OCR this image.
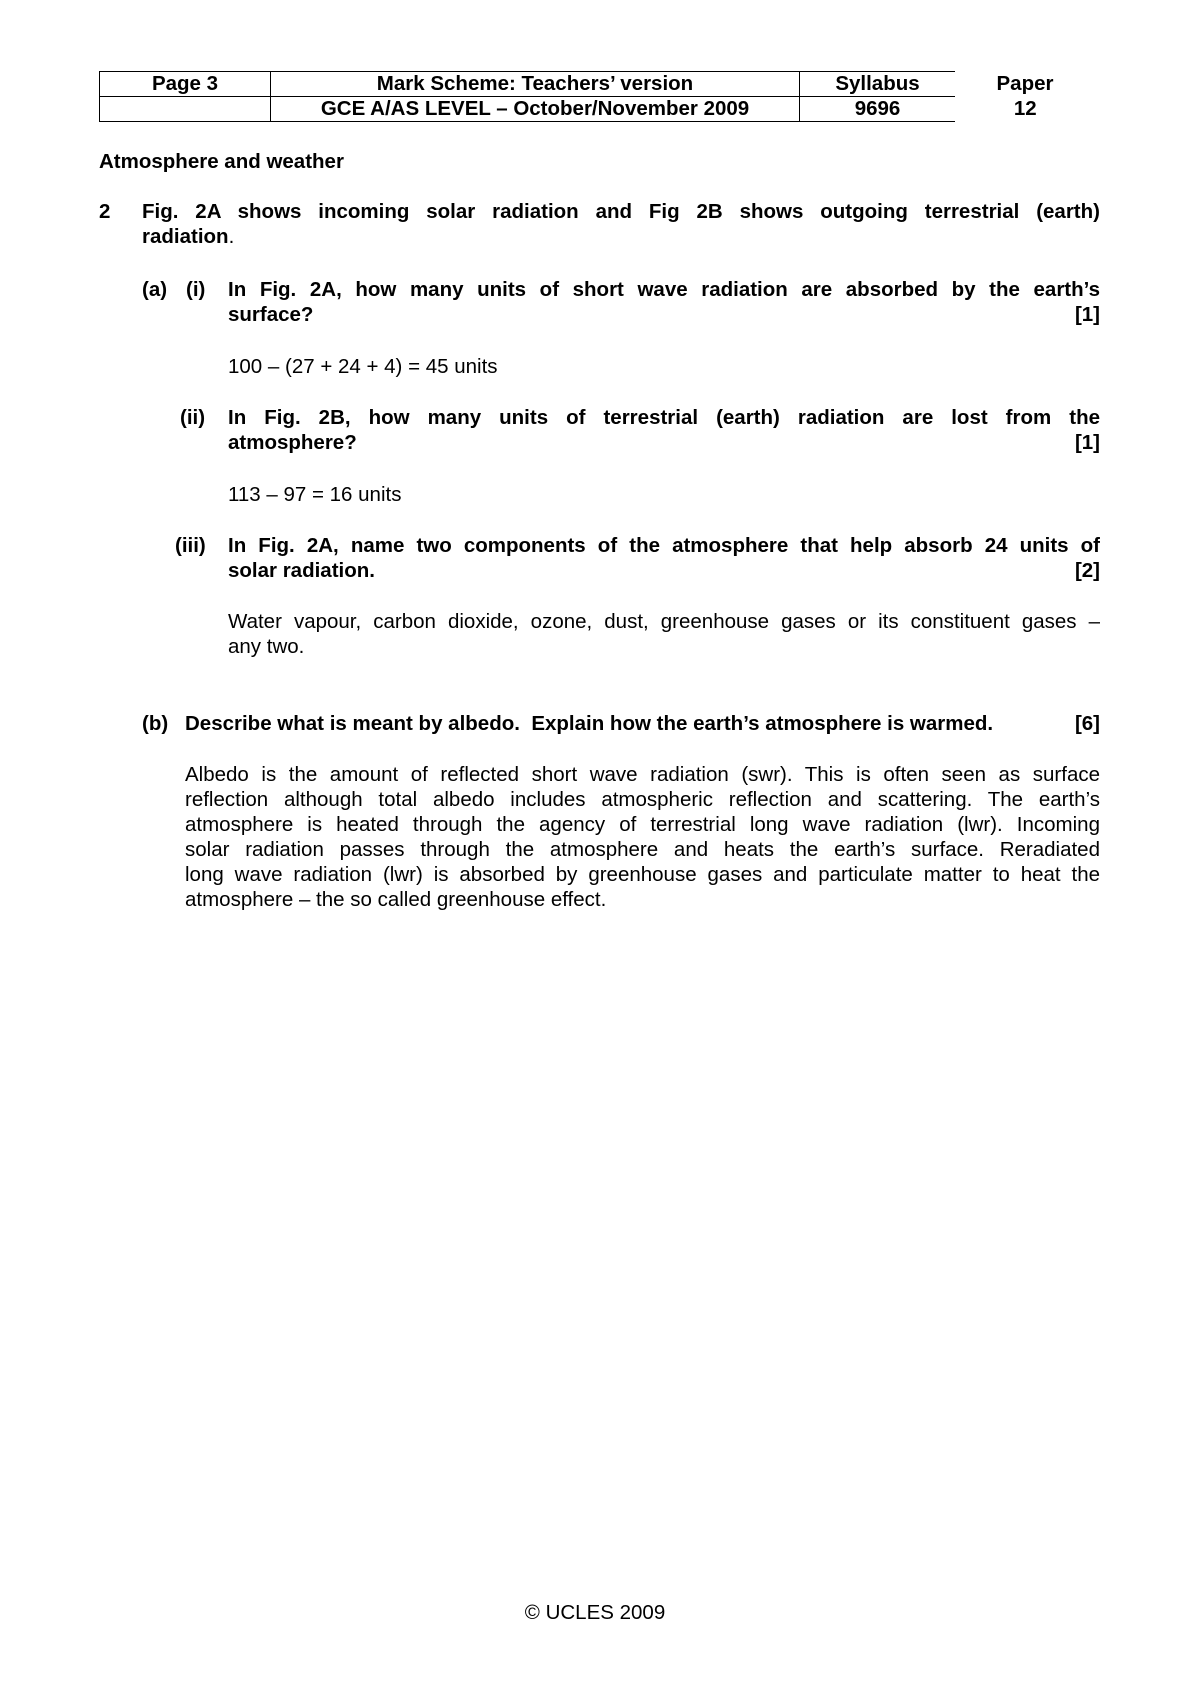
Page 3	Mark Scheme: Teachers’ version	Syllabus	Paper
	GCE A/AS LEVEL – October/November 2009	9696	12
Atmosphere and weather
2 Fig. 2A shows incoming solar radiation and Fig 2B shows outgoing terrestrial (earth)
radiation.
(a) (i) In Fig. 2A, how many units of short wave radiation are absorbed by the earth’s
surface?	[1]
100 – (27 + 24 + 4) = 45 units
(ii) In Fig. 2B, how many units of terrestrial (earth) radiation are lost from the
atmosphere?	[1]
113 – 97 = 16 units
(iii) In Fig. 2A, name two components of the atmosphere that help absorb 24 units of
solar radiation.	[2]
Water vapour, carbon dioxide, ozone, dust, greenhouse gases or its constituent gases –
any two.
(b) Describe what is meant by albedo.  Explain how the earth’s atmosphere is warmed.	[6]
Albedo is the amount of reflected short wave radiation (swr). This is often seen as surface
reflection although total albedo includes atmospheric reflection and scattering. The earth’s
atmosphere is heated through the agency of terrestrial long wave radiation (lwr). Incoming
solar radiation passes through the atmosphere and heats the earth’s surface. Reradiated
long wave radiation (lwr) is absorbed by greenhouse gases and particulate matter to heat the
atmosphere – the so called greenhouse effect.
© UCLES 2009
